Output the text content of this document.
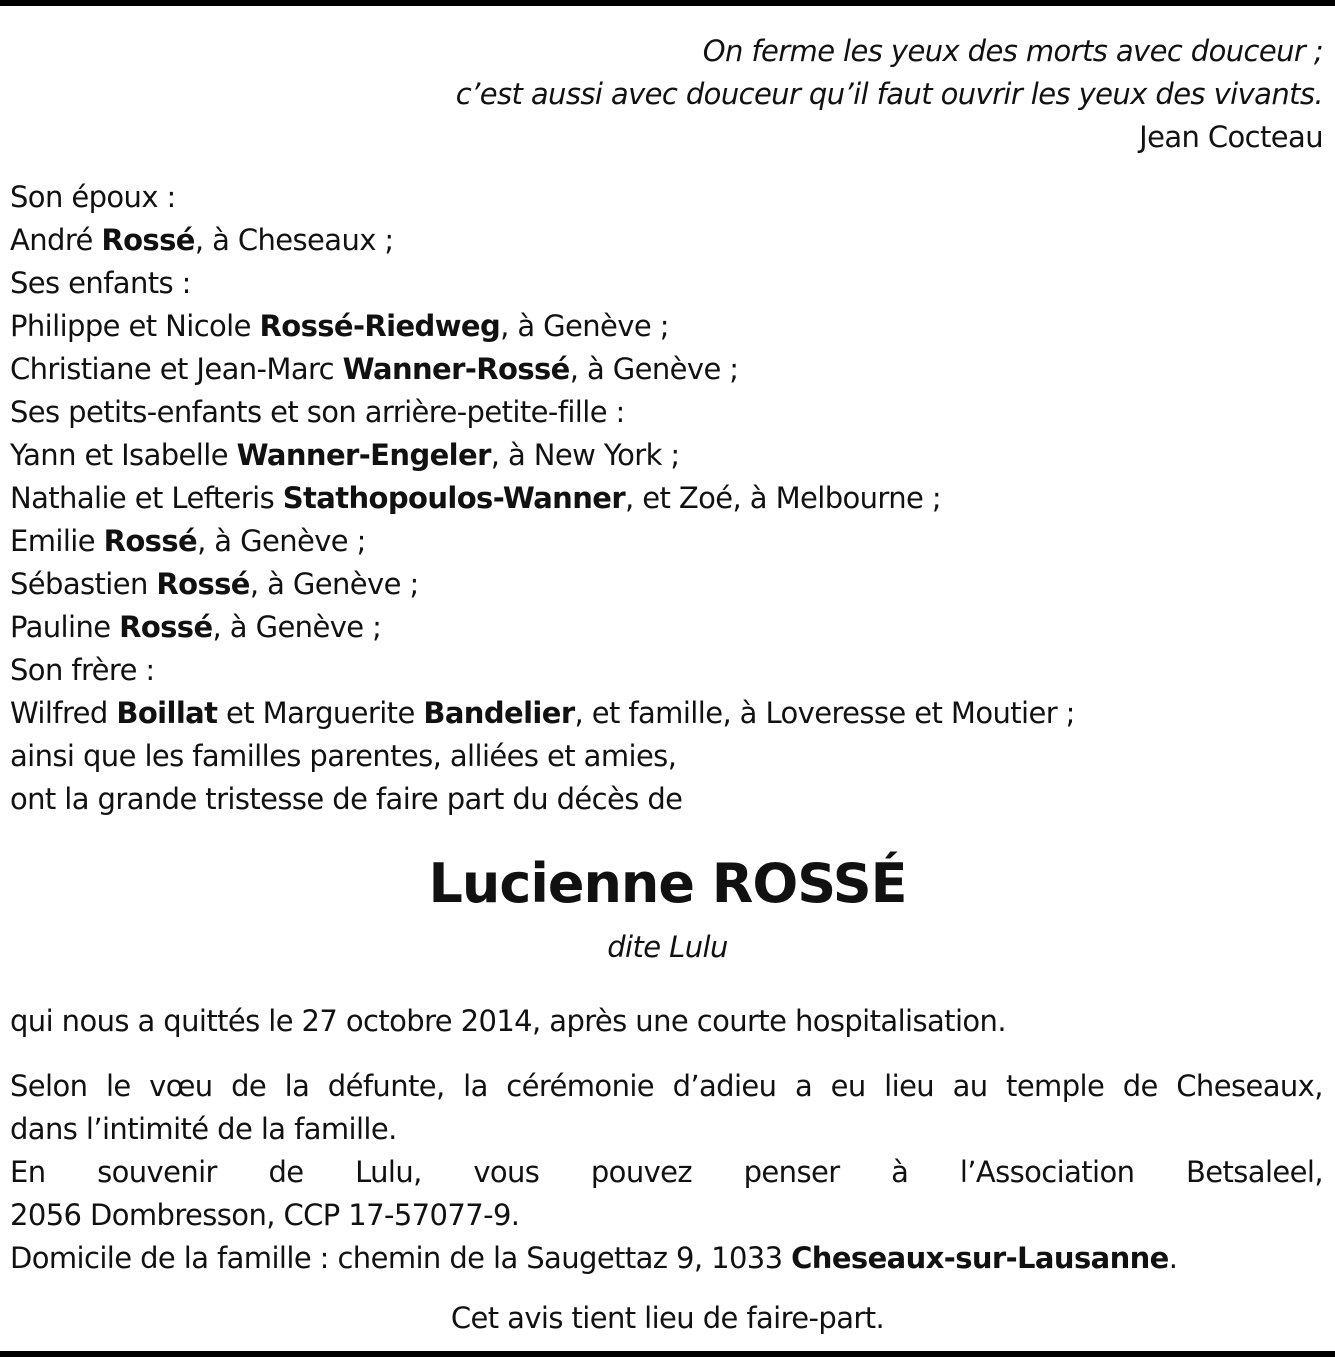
On ferme les yeux des morts avec douceur ;
c’est aussi avec douceur qu’il faut ouvrir les yeux des vivants.
Jean Cocteau
Son époux :
André Rossé, à Cheseaux ;
Ses enfants :
Philippe et Nicole Rossé-Riedweg, à Genève ;
Christiane et Jean-Marc Wanner-Rossé, à Genève ;
Ses petits-enfants et son arrière-petite-fille :
Yann et Isabelle Wanner-Engeler, à New York ;
Nathalie et Lefteris Stathopoulos-Wanner, et Zoé, à Melbourne ;
Emilie Rossé, à Genève ;
Sébastien Rossé, à Genève ;
Pauline Rossé, à Genève ;
Son frère :
Wilfred Boillat et Marguerite Bandelier, et famille, à Loveresse et Moutier ;
ainsi que les familles parentes, alliées et amies,
ont la grande tristesse de faire part du décès de
Lucienne ROSSÉ
dite Lulu
qui nous a quittés le 27 octobre 2014, après une courte hospitalisation.
Selon le vœu de la défunte, la cérémonie d’adieu a eu lieu au temple de Cheseaux,
dans l’intimité de la famille.
En souvenir de Lulu, vous pouvez penser à l’Association Betsaleel,
2056 Dombresson, CCP 17-57077-9.
Domicile de la famille : chemin de la Saugettaz 9, 1033 Cheseaux-sur-Lausanne.
Cet avis tient lieu de faire-part.
